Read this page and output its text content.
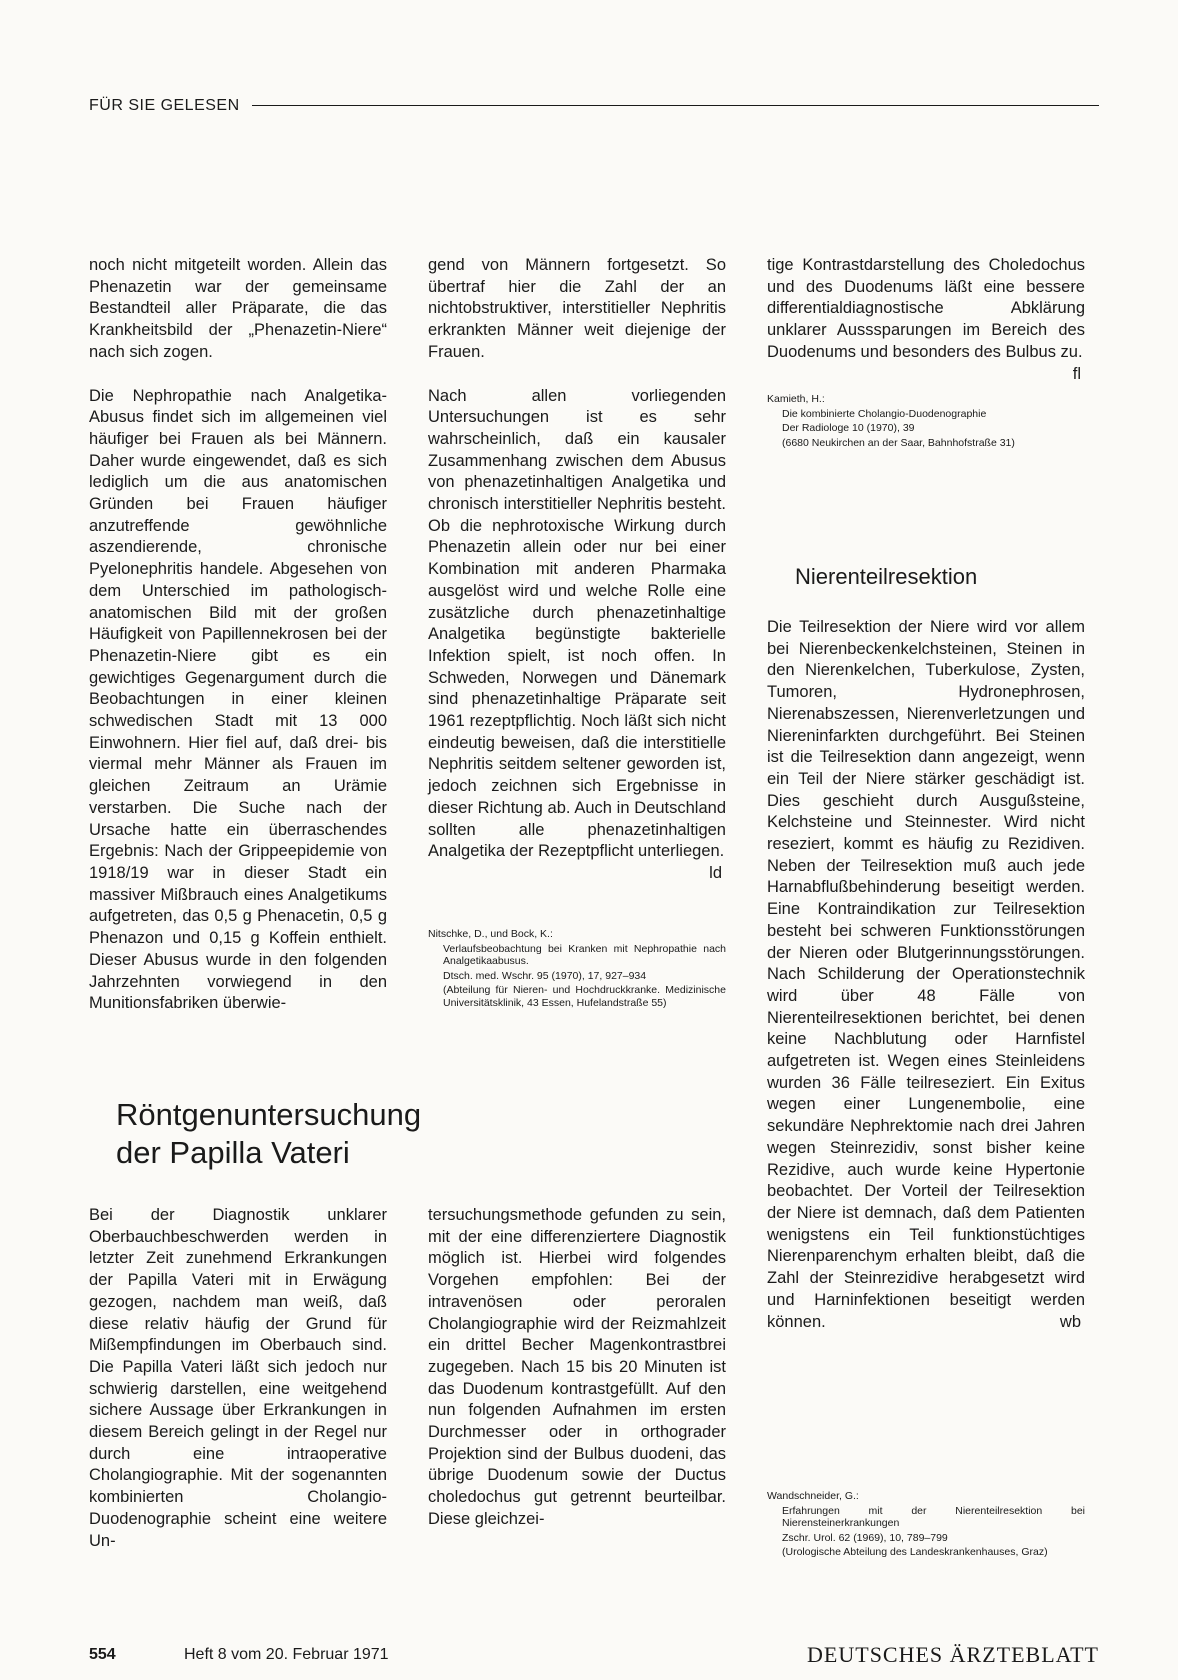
FÜR SIE GELESEN

noch nicht mitgeteilt worden. Allein das Phenazetin war der gemeinsame Bestandteil aller Präparate, die das Krankheitsbild der „Phenazetin-Niere“ nach sich zogen.

Die Nephropathie nach Analgetika-Abusus findet sich im allgemeinen viel häufiger bei Frauen als bei Männern. Daher wurde eingewendet, daß es sich lediglich um die aus anatomischen Gründen bei Frauen häufiger anzutreffende gewöhnliche aszendierende, chronische Pyelonephritis handele. Abgesehen von dem Unterschied im pathologisch-anatomischen Bild mit der großen Häufigkeit von Papillennekrosen bei der Phenazetin-Niere gibt es ein gewichtiges Gegenargument durch die Beobachtungen in einer kleinen schwedischen Stadt mit 13 000 Einwohnern. Hier fiel auf, daß drei- bis viermal mehr Männer als Frauen im gleichen Zeitraum an Urämie verstarben. Die Suche nach der Ursache hatte ein überraschendes Ergebnis: Nach der Grippeepidemie von 1918/19 war in dieser Stadt ein massiver Mißbrauch eines Analgetikums aufgetreten, das 0,5 g Phenacetin, 0,5 g Phenazon und 0,15 g Koffein enthielt. Dieser Abusus wurde in den folgenden Jahrzehnten vorwiegend in den Munitionsfabriken überwie-

gend von Männern fortgesetzt. So übertraf hier die Zahl der an nichtobstruktiver, interstitieller Nephritis erkrankten Männer weit diejenige der Frauen.

Nach allen vorliegenden Untersuchungen ist es sehr wahrscheinlich, daß ein kausaler Zusammenhang zwischen dem Abusus von phenazetinhaltigen Analgetika und chronisch interstitieller Nephritis besteht. Ob die nephrotoxische Wirkung durch Phenazetin allein oder nur bei einer Kombination mit anderen Pharmaka ausgelöst wird und welche Rolle eine zusätzliche durch phenazetinhaltige Analgetika begünstigte bakterielle Infektion spielt, ist noch offen. In Schweden, Norwegen und Dänemark sind phenazetinhaltige Präparate seit 1961 rezeptpflichtig. Noch läßt sich nicht eindeutig beweisen, daß die interstitielle Nephritis seitdem seltener geworden ist, jedoch zeichnen sich Ergebnisse in dieser Richtung ab. Auch in Deutschland sollten alle phenazetinhaltigen Analgetika der Rezeptpflicht unterliegen.
ld

Nitschke, D., und Bock, K.:
Verlaufsbeobachtung bei Kranken mit Nephropathie nach Analgetikaabusus.
Dtsch. med. Wschr. 95 (1970), 17, 927–934
(Abteilung für Nieren- und Hochdruckkranke. Medizinische Universitätsklinik, 43 Essen, Hufelandstraße 55)
Röntgenuntersuchung
der Papilla Vateri

Bei der Diagnostik unklarer Oberbauchbeschwerden werden in letzter Zeit zunehmend Erkrankungen der Papilla Vateri mit in Erwägung gezogen, nachdem man weiß, daß diese relativ häufig der Grund für Mißempfindungen im Oberbauch sind. Die Papilla Vateri läßt sich jedoch nur schwierig darstellen, eine weitgehend sichere Aussage über Erkrankungen in diesem Bereich gelingt in der Regel nur durch eine intraoperative Cholangiographie. Mit der sogenannten kombinierten Cholangio-Duodenographie scheint eine weitere Un-

tersuchungsmethode gefunden zu sein, mit der eine differenziertere Diagnostik möglich ist. Hierbei wird folgendes Vorgehen empfohlen: Bei der intravenösen oder peroralen Cholangiographie wird der Reizmahlzeit ein drittel Becher Magenkontrastbrei zugegeben. Nach 15 bis 20 Minuten ist das Duodenum kontrastgefüllt. Auf den nun folgenden Aufnahmen im ersten Durchmesser oder in orthograder Projektion sind der Bulbus duodeni, das übrige Duodenum sowie der Ductus choledochus gut getrennt beurteilbar. Diese gleichzei-

tige Kontrastdarstellung des Choledochus und des Duodenums läßt eine bessere differentialdiagnostische Abklärung unklarer Ausssparungen im Bereich des Duodenums und besonders des Bulbus zu.
fl

Kamieth, H.:
Die kombinierte Cholangio-Duodenographie
Der Radiologe 10 (1970), 39
(6680 Neukirchen an der Saar, Bahnhofstraße 31)
Nierenteilresektion

Die Teilresektion der Niere wird vor allem bei Nierenbeckenkelchsteinen, Steinen in den Nierenkelchen, Tuberkulose, Zysten, Tumoren, Hydronephrosen, Nierenabszessen, Nierenverletzungen und Niereninfarkten durchgeführt. Bei Steinen ist die Teilresektion dann angezeigt, wenn ein Teil der Niere stärker geschädigt ist. Dies geschieht durch Ausgußsteine, Kelchsteine und Steinnester. Wird nicht reseziert, kommt es häufig zu Rezidiven. Neben der Teilresektion muß auch jede Harnabflußbehinderung beseitigt werden. Eine Kontraindikation zur Teilresektion besteht bei schweren Funktionsstörungen der Nieren oder Blutgerinnungsstörungen. Nach Schilderung der Operationstechnik wird über 48 Fälle von Nierenteilresektionen berichtet, bei denen keine Nachblutung oder Harnfistel aufgetreten ist. Wegen eines Steinleidens wurden 36 Fälle teilreseziert. Ein Exitus wegen einer Lungenembolie, eine sekundäre Nephrektomie nach drei Jahren wegen Steinrezidiv, sonst bisher keine Rezidive, auch wurde keine Hypertonie beobachtet. Der Vorteil der Teilresektion der Niere ist demnach, daß dem Patienten wenigstens ein Teil funktionstüchtiges Nierenparenchym erhalten bleibt, daß die Zahl der Steinrezidive herabgesetzt wird und Harninfektionen beseitigt werden können.	wb

Wandschneider, G.:
Erfahrungen mit der Nierenteilresektion bei Nierensteinerkrankungen
Zschr. Urol. 62 (1969), 10, 789–799
(Urologische Abteilung des Landeskrankenhauses, Graz)
554	Heft 8 vom 20. Februar 1971	DEUTSCHES ÄRZTEBLATT
